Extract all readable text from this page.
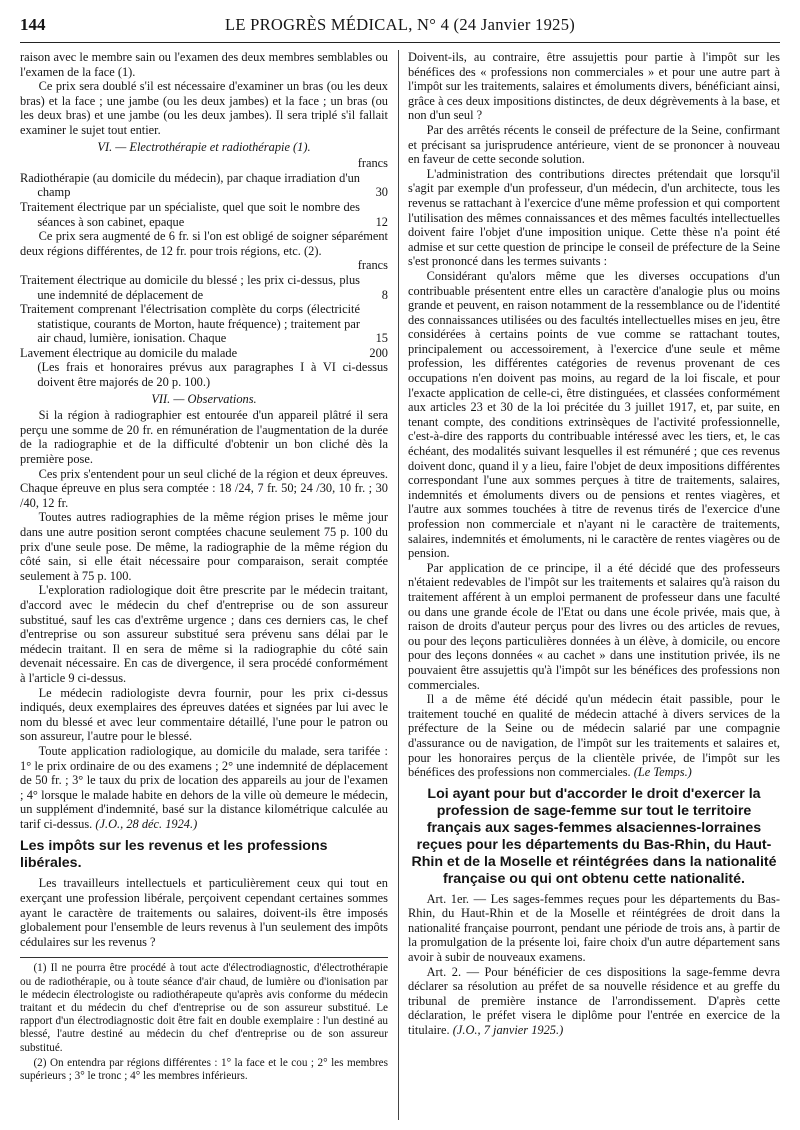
144	LE PROGRÈS MÉDICAL, N° 4 (24 Janvier 1925)

raison avec le membre sain ou l'examen des deux membres semblables ou l'examen de la face (1).

Ce prix sera doublé s'il est nécessaire d'examiner un bras (ou les deux bras) et la face ; une jambe (ou les deux jambes) et la face ; un bras (ou les deux bras) et une jambe (ou les deux jambes). Il sera triplé s'il fallait examiner le sujet tout entier.

VI. — Electrothérapie et radiothérapie (1).

francs

Radiothérapie (au domicile du médecin), par chaque irradiation d'un champ	30

Traitement électrique par un spécialiste, quel que soit le nombre des séances à son cabinet, epaque	12

Ce prix sera augmenté de 6 fr. si l'on est obligé de soigner séparément deux régions différentes, de 12 fr. pour trois régions, etc. (2).

francs

Traitement électrique au domicile du blessé ; les prix ci-dessus, plus une indemnité de déplacement de	8

Traitement comprenant l'électrisation complète du corps (électricité statistique, courants de Morton, haute fréquence) ; traitement par air chaud, lumière, ionisation. Chaque	15

Lavement électrique au domicile du malade	200

(Les frais et honoraires prévus aux paragraphes I à VI ci-dessus doivent être majorés de 20 p. 100.)

VII. — Observations.

Si la région à radiographier est entourée d'un appareil plâtré il sera perçu une somme de 20 fr. en rémunération de l'augmentation de la durée de la radiographie et de la difficulté d'obtenir un bon cliché dès la première pose.

Ces prix s'entendent pour un seul cliché de la région et deux épreuves. Chaque épreuve en plus sera comptée : 18 /24, 7 fr. 50; 24 /30, 10 fr. ; 30 /40, 12 fr.

Toutes autres radiographies de la même région prises le même jour dans une autre position seront comptées chacune seulement 75 p. 100 du prix d'une seule pose. De même, la radiographie de la même région du côté sain, si elle était nécessaire pour comparaison, serait comptée seulement à 75 p. 100.

L'exploration radiologique doit être prescrite par le médecin traitant, d'accord avec le médecin du chef d'entreprise ou de son assureur substitué, sauf les cas d'extrême urgence ; dans ces derniers cas, le chef d'entreprise ou son assureur substitué sera prévenu sans délai par le médecin traitant. Il en sera de même si la radiographie du côté sain devenait nécessaire. En cas de divergence, il sera procédé conformément à l'article 9 ci-dessus.

Le médecin radiologiste devra fournir, pour les prix ci-dessus indiqués, deux exemplaires des épreuves datées et signées par lui avec le nom du blessé et avec leur commentaire détaillé, l'une pour le patron ou son assureur, l'autre pour le blessé.

Toute application radiologique, au domicile du malade, sera tarifée : 1° le prix ordinaire de ou des examens ; 2° une indemnité de déplacement de 50 fr. ; 3° le taux du prix de location des appareils au jour de l'examen ; 4° lorsque le malade habite en dehors de la ville où demeure le médecin, un supplément d'indemnité, basé sur la distance kilométrique calculée au tarif ci-dessus. (J.O., 28 déc. 1924.)

Les impôts sur les revenus et les professions libérales.

Les travailleurs intellectuels et particulièrement ceux qui tout en exerçant une profession libérale, perçoivent cependant certaines sommes ayant le caractère de traitements ou salaires, doivent-ils être imposés globalement pour l'ensemble de leurs revenus à l'un seulement des impôts cédulaires sur les revenus ?

(1) Il ne pourra être procédé à tout acte d'électrodiagnostic, d'électrothérapie ou de radiothérapie, ou à toute séance d'air chaud, de lumière ou d'ionisation par le médecin électrologiste ou radiothérapeute qu'après avis conforme du médecin traitant et du médecin du chef d'entreprise ou de son assureur substitué. Le rapport d'un électrodiagnostic doit être fait en double exemplaire : l'un destiné au blessé, l'autre destiné au médecin du chef d'entreprise ou de son assureur substitué.

(2) On entendra par régions différentes : 1° la face et le cou ; 2° les membres supérieurs ; 3° le tronc ; 4° les membres inférieurs.

Doivent-ils, au contraire, être assujettis pour partie à l'impôt sur les bénéfices des « professions non commerciales » et pour une autre part à l'impôt sur les traitements, salaires et émoluments divers, bénéficiant ainsi, grâce à ces deux impositions distinctes, de deux dégrèvements à la base, et non d'un seul ?

Par des arrêtés récents le conseil de préfecture de la Seine, confirmant et précisant sa jurisprudence antérieure, vient de se prononcer à nouveau en faveur de cette seconde solution.

L'administration des contributions directes prétendait que lorsqu'il s'agit par exemple d'un professeur, d'un médecin, d'un architecte, tous les revenus se rattachant à l'exercice d'une même profession et qui comportent l'utilisation des mêmes connaissances et des mêmes facultés intellectuelles doivent faire l'objet d'une imposition unique. Cette thèse n'a point été admise et sur cette question de principe le conseil de préfecture de la Seine s'est prononcé dans les termes suivants :

Considérant qu'alors même que les diverses occupations d'un contribuable présentent entre elles un caractère d'analogie plus ou moins grande et peuvent, en raison notamment de la ressemblance ou de l'identité des connaissances utilisées ou des facultés intellectuelles mises en jeu, être considérées à certains points de vue comme se rattachant toutes, principalement ou accessoirement, à l'exercice d'une seule et même profession, les différentes catégories de revenus provenant de ces occupations n'en doivent pas moins, au regard de la loi fiscale, et pour l'exacte application de celle-ci, être distinguées, et classées conformément aux articles 23 et 30 de la loi précitée du 3 juillet 1917, et, par suite, en tenant compte, des conditions extrinsèques de l'activité professionnelle, c'est-à-dire des rapports du contribuable intéressé avec les tiers, et, le cas échéant, des modalités suivant lesquelles il est rémunéré ; que ces revenus doivent donc, quand il y a lieu, faire l'objet de deux impositions différentes correspondant l'une aux sommes perçues à titre de traitements, salaires, indemnités et émoluments divers ou de pensions et rentes viagères, et l'autre aux sommes touchées à titre de revenus tirés de l'exercice d'une profession non commerciale et n'ayant ni le caractère de traitements, salaires, indemnités et émoluments, ni le caractère de rentes viagères ou de pension.

Par application de ce principe, il a été décidé que des professeurs n'étaient redevables de l'impôt sur les traitements et salaires qu'à raison du traitement afférent à un emploi permanent de professeur dans une faculté ou dans une grande école de l'Etat ou dans une école privée, mais que, à raison de droits d'auteur perçus pour des livres ou des articles de revues, ou pour des leçons particulières données à un élève, à domicile, ou encore pour des leçons données « au cachet » dans une institution privée, ils ne pouvaient être assujettis qu'à l'impôt sur les bénéfices des professions non commerciales.

Il a de même été décidé qu'un médecin était passible, pour le traitement touché en qualité de médecin attaché à divers services de la préfecture de la Seine ou de médecin salarié par une compagnie d'assurance ou de navigation, de l'impôt sur les traitements et salaires et, pour les honoraires perçus de la clientèle privée, de l'impôt sur les bénéfices des professions non commerciales. (Le Temps.)

Loi ayant pour but d'accorder le droit d'exercer la profession de sage-femme sur tout le territoire français aux sages-femmes alsaciennes-lorraines reçues pour les départements du Bas-Rhin, du Haut-Rhin et de la Moselle et réintégrées dans la nationalité française ou qui ont obtenu cette nationalité.

Art. 1er. — Les sages-femmes reçues pour les départements du Bas-Rhin, du Haut-Rhin et de la Moselle et réintégrées de droit dans la nationalité française pourront, pendant une période de trois ans, à partir de la promulgation de la présente loi, faire choix d'un autre département sans avoir à subir de nouveaux examens.

Art. 2. — Pour bénéficier de ces dispositions la sage-femme devra déclarer sa résolution au préfet de sa nouvelle résidence et au greffe du tribunal de première instance de l'arrondissement. D'après cette déclaration, le préfet visera le diplôme pour l'entrée en exercice de la titulaire. (J.O., 7 janvier 1925.)
